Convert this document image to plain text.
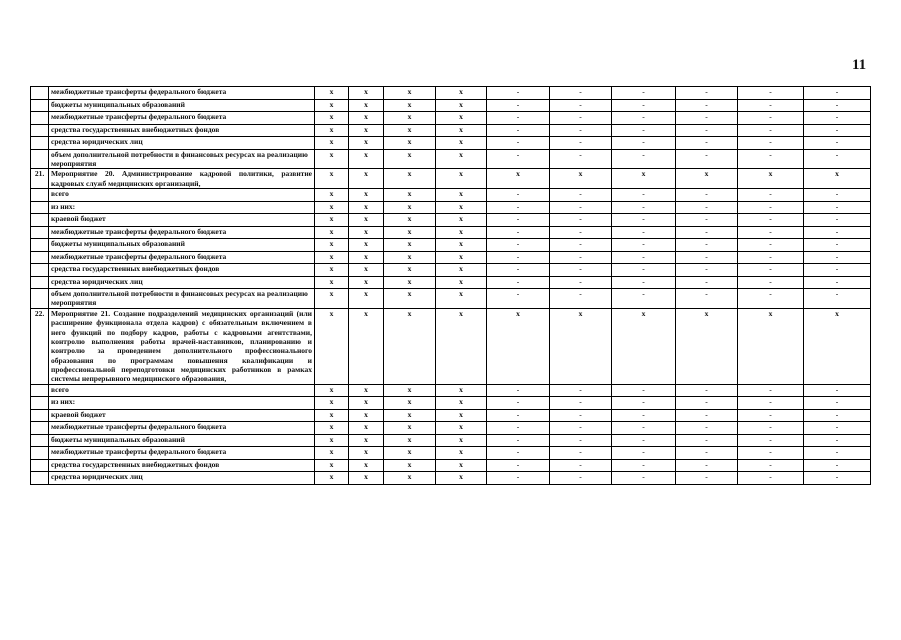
11
	межбюджетные трансферты федерального бюджета	x	x	x	x	-	-	-	-	-	-
	бюджеты муниципальных образований	x	x	x	x	-	-	-	-	-	-
	межбюджетные трансферты федерального бюджета	x	x	x	x	-	-	-	-	-	-
	средства государственных внебюджетных фондов	x	x	x	x	-	-	-	-	-	-
	средства юридических лиц	x	x	x	x	-	-	-	-	-	-
	объем дополнительной потребности в финансовых ресурсах на реализацию мероприятия	x	x	x	x	-	-	-	-	-	-
21.	Мероприятие 20. Администрирование кадровой политики, развитие кадровых служб медицинских организаций,	x	x	x	x	x	x	x	x	x	x
	всего	x	x	x	x	-	-	-	-	-	-
	из них:	x	x	x	x	-	-	-	-	-	-
	краевой бюджет	x	x	x	x	-	-	-	-	-	-
	межбюджетные трансферты федерального бюджета	x	x	x	x	-	-	-	-	-	-
	бюджеты муниципальных образований	x	x	x	x	-	-	-	-	-	-
	межбюджетные трансферты федерального бюджета	x	x	x	x	-	-	-	-	-	-
	средства государственных внебюджетных фондов	x	x	x	x	-	-	-	-	-	-
	средства юридических лиц	x	x	x	x	-	-	-	-	-	-
	объем дополнительной потребности в финансовых ресурсах на реализацию мероприятия	x	x	x	x	-	-	-	-	-	-
22.	Мероприятие 21. Создание подразделений медицинских организаций (или расширение функционала отдела кадров) с обязательным включением в него функций по подбору кадров, работы с кадровыми агентствами, контролю выполнения работы врачей-наставников, планированию и контролю за проведением дополнительного профессионального образования по программам повышения квалификации и профессиональной переподготовки медицинских работников в рамках системы непрерывного медицинского образования,	x	x	x	x	x	x	x	x	x	x
	всего	x	x	x	x	-	-	-	-	-	-
	из них:	x	x	x	x	-	-	-	-	-	-
	краевой бюджет	x	x	x	x	-	-	-	-	-	-
	межбюджетные трансферты федерального бюджета	x	x	x	x	-	-	-	-	-	-
	бюджеты муниципальных образований	x	x	x	x	-	-	-	-	-	-
	межбюджетные трансферты федерального бюджета	x	x	x	x	-	-	-	-	-	-
	средства государственных внебюджетных фондов	x	x	x	x	-	-	-	-	-	-
	средства юридических лиц	x	x	x	x	-	-	-	-	-	-
